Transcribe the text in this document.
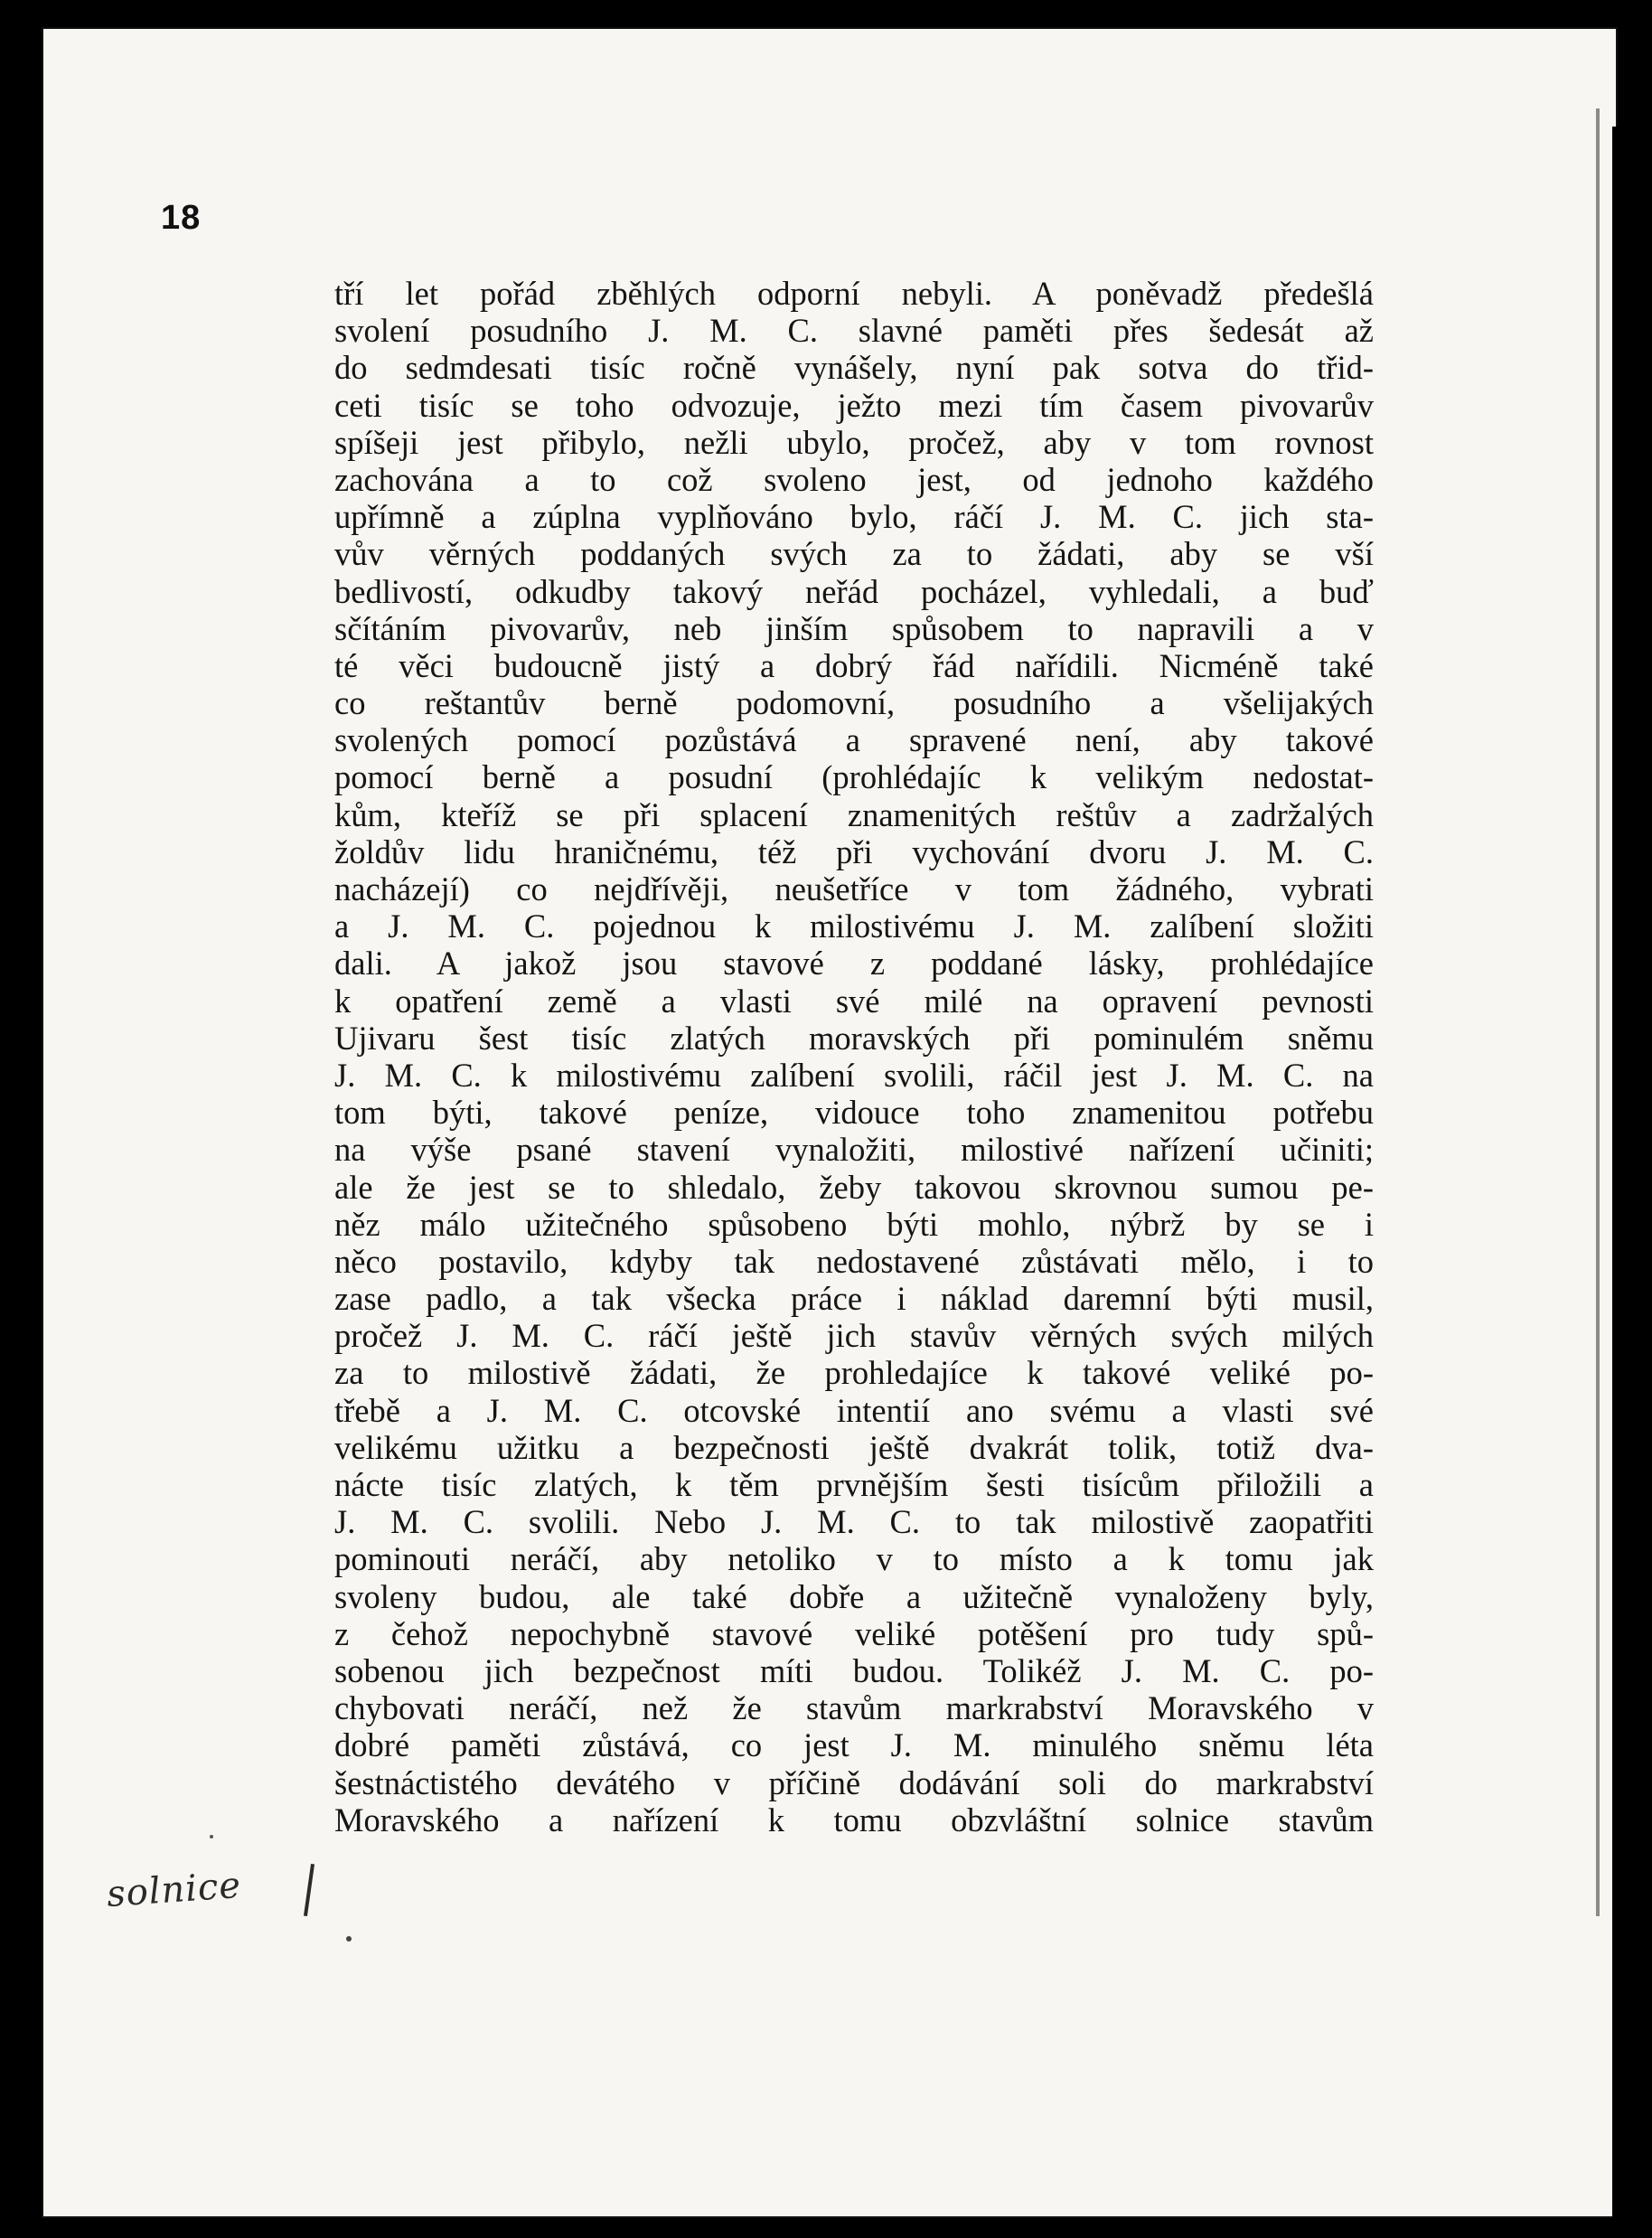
18
tří let pořád zběhlých odporní nebyli. A poněvadž předešlá
svolení posudního J. M. C. slavné paměti přes šedesát až
do sedmdesati tisíc ročně vynášely, nyní pak sotva do třid-
ceti tisíc se toho odvozuje, ježto mezi tím časem pivovarův
spíšeji jest přibylo, nežli ubylo, pročež, aby v tom rovnost
zachována a to což svoleno jest, od jednoho každého
upřímně a zúplna vyplňováno bylo, ráčí J. M. C. jich sta-
vův věrných poddaných svých za to žádati, aby se vší
bedlivostí, odkudby takový neřád pocházel, vyhledali, a buď
sčítáním pivovarův, neb jinším spůsobem to napravili a v
té věci budoucně jistý a dobrý řád nařídili. Nicméně také
co reštantův berně podomovní, posudního a všelijakých
svolených pomocí pozůstává a spravené není, aby takové
pomocí berně a posudní (prohlédajíc k velikým nedostat-
kům, kteříž se při splacení znamenitých reštův a zadržalých
žoldův lidu hraničnému, též při vychování dvoru J. M. C.
nacházejí) co nejdřívěji, neušetříce v tom žádného, vybrati
a J. M. C. pojednou k milostivému J. M. zalíbení složiti
dali. A jakož jsou stavové z poddané lásky, prohlédajíce
k opatření země a vlasti své milé na opravení pevnosti
Ujivaru šest tisíc zlatých moravských při pominulém sněmu
J. M. C. k milostivému zalíbení svolili, ráčil jest J. M. C. na
tom býti, takové peníze, vidouce toho znamenitou potřebu
na výše psané stavení vynaložiti, milostivé nařízení učiniti;
ale že jest se to shledalo, žeby takovou skrovnou sumou pe-
něz málo užitečného spůsobeno býti mohlo, nýbrž by se i
něco postavilo, kdyby tak nedostavené zůstávati mělo, i to
zase padlo, a tak všecka práce i náklad daremní býti musil,
pročež J. M. C. ráčí ještě jich stavův věrných svých milých
za to milostivě žádati, že prohledajíce k takové veliké po-
třebě a J. M. C. otcovské intentií ano svému a vlasti své
velikému užitku a bezpečnosti ještě dvakrát tolik, totiž dva-
nácte tisíc zlatých, k těm prvnějším šesti tisícům přiložili a
J. M. C. svolili. Nebo J. M. C. to tak milostivě zaopatřiti
pominouti neráčí, aby netoliko v to místo a k tomu jak
svoleny budou, ale také dobře a užitečně vynaloženy byly,
z čehož nepochybně stavové veliké potěšení pro tudy spů-
sobenou jich bezpečnost míti budou. Tolikéž J. M. C. po-
chybovati neráčí, než že stavům markrabství Moravského v
dobré paměti zůstává, co jest J. M. minulého sněmu léta
šestnáctistého devátého v příčině dodávání soli do markrabství
Moravského a nařízení k tomu obzvláštní solnice stavům
solnice
